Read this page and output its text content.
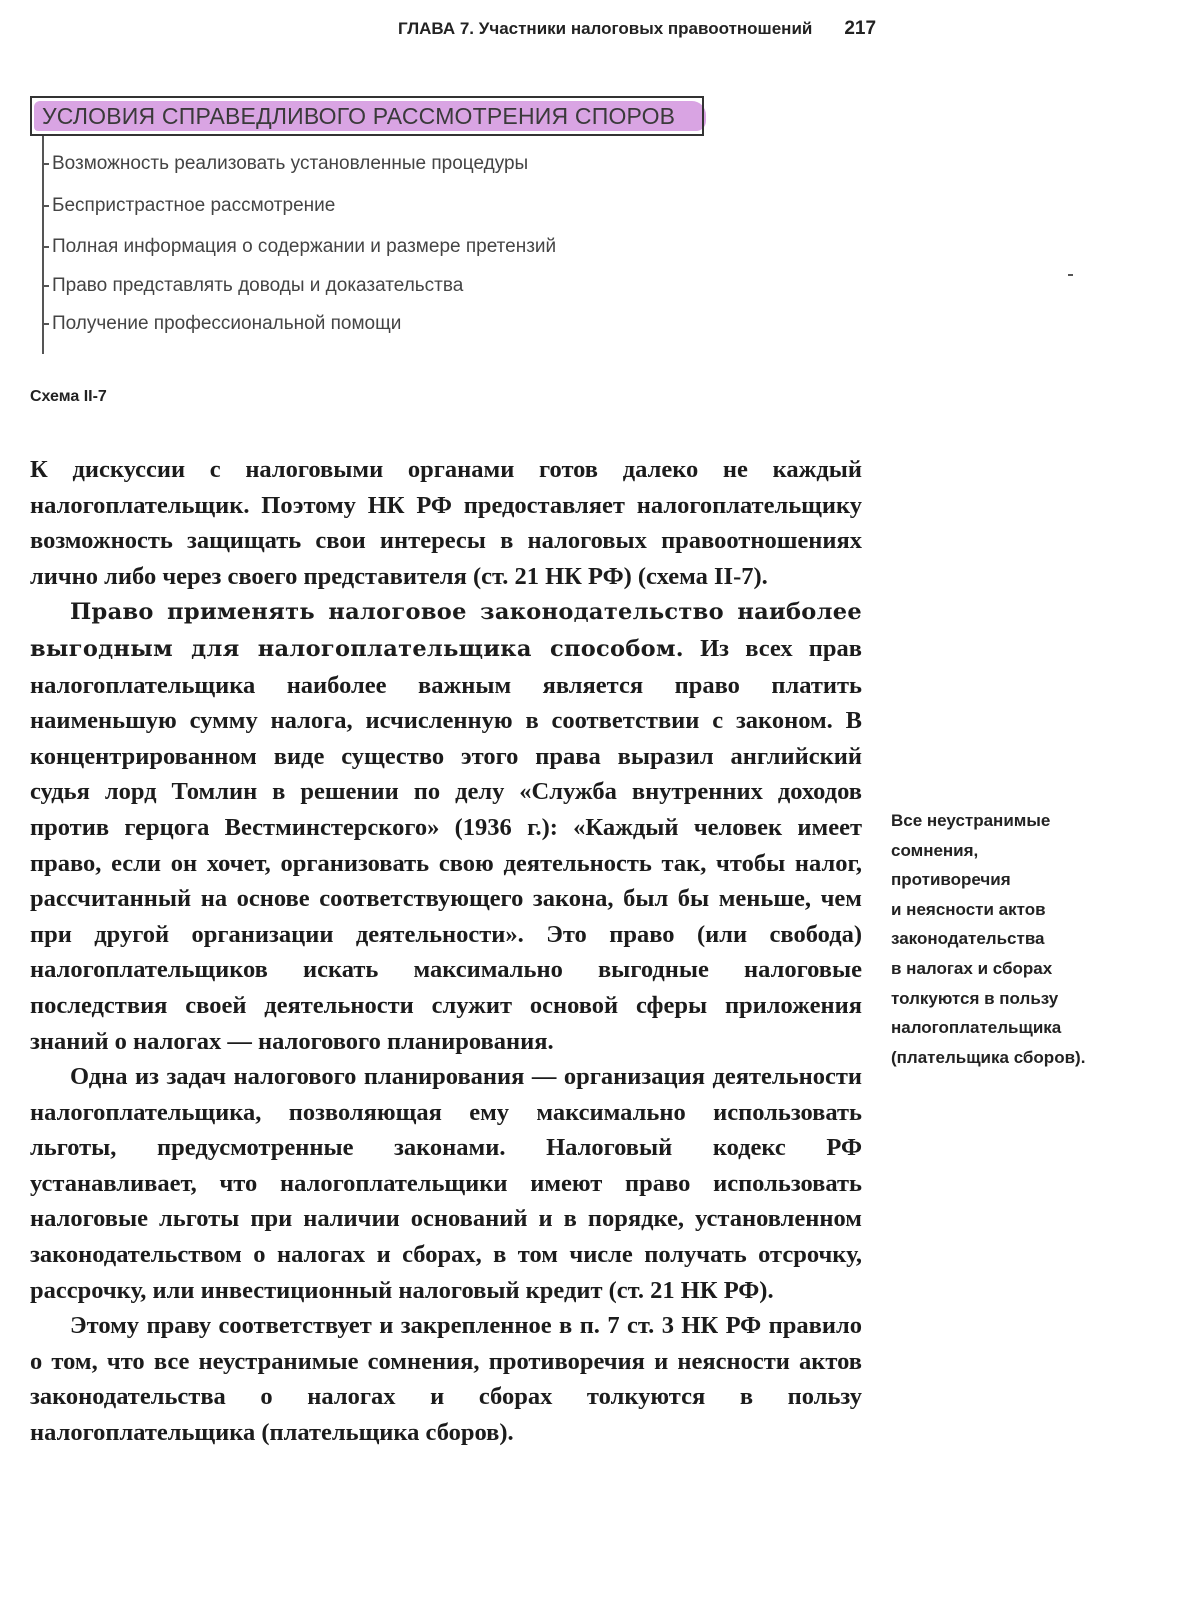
ГЛАВА 7. Участники налоговых правоотношений 217
УСЛОВИЯ СПРАВЕДЛИВОГО РАССМОТРЕНИЯ СПОРОВ
Возможность реализовать установленные процедуры
Беспристрастное рассмотрение
Полная информация о содержании и размере претензий
Право представлять доводы и доказательства
Получение профессиональной помощи
Схема II-7

К дискуссии с налоговыми органами готов далеко не каждый налогоплательщик. Поэтому НК РФ предоставляет налогоплательщику возможность защищать свои интересы в налоговых правоотношениях лично либо через своего представителя (ст. 21 НК РФ) (схема II-7).

Право применять налоговое законодательство наиболее выгодным для налогоплательщика способом. Из всех прав налогоплательщика наиболее важным является право платить наименьшую сумму налога, исчисленную в соответствии с законом. В концентрированном виде существо этого права выразил английский судья лорд Томлин в решении по делу «Служба внутренних доходов против герцога Вестминстерского» (1936 г.): «Каждый человек имеет право, если он хочет, организовать свою деятельность так, чтобы налог, рассчитанный на основе соответствующего закона, был бы меньше, чем при другой организации деятельности». Это право (или свобода) налогоплательщиков искать максимально выгодные налоговые последствия своей деятельности служит основой сферы приложения знаний о налогах — налогового планирования.

Одна из задач налогового планирования — организация деятельности налогоплательщика, позволяющая ему максимально использовать льготы, предусмотренные законами. Налоговый кодекс РФ устанавливает, что налогоплательщики имеют право использовать налоговые льготы при наличии оснований и в порядке, установленном законодательством о налогах и сборах, в том числе получать отсрочку, рассрочку, или инвестиционный налоговый кредит (ст. 21 НК РФ).

Этому праву соответствует и закрепленное в п. 7 ст. 3 НК РФ правило о том, что все неустранимые сомнения, противоречия и неясности актов законодательства о налогах и сборах толкуются в пользу налогоплательщика (плательщика сборов).

Все неустранимые
сомнения,
противоречия
и неясности актов
законодательства
в налогах и сборах
толкуются в пользу
налогоплательщика
(плательщика сборов).
